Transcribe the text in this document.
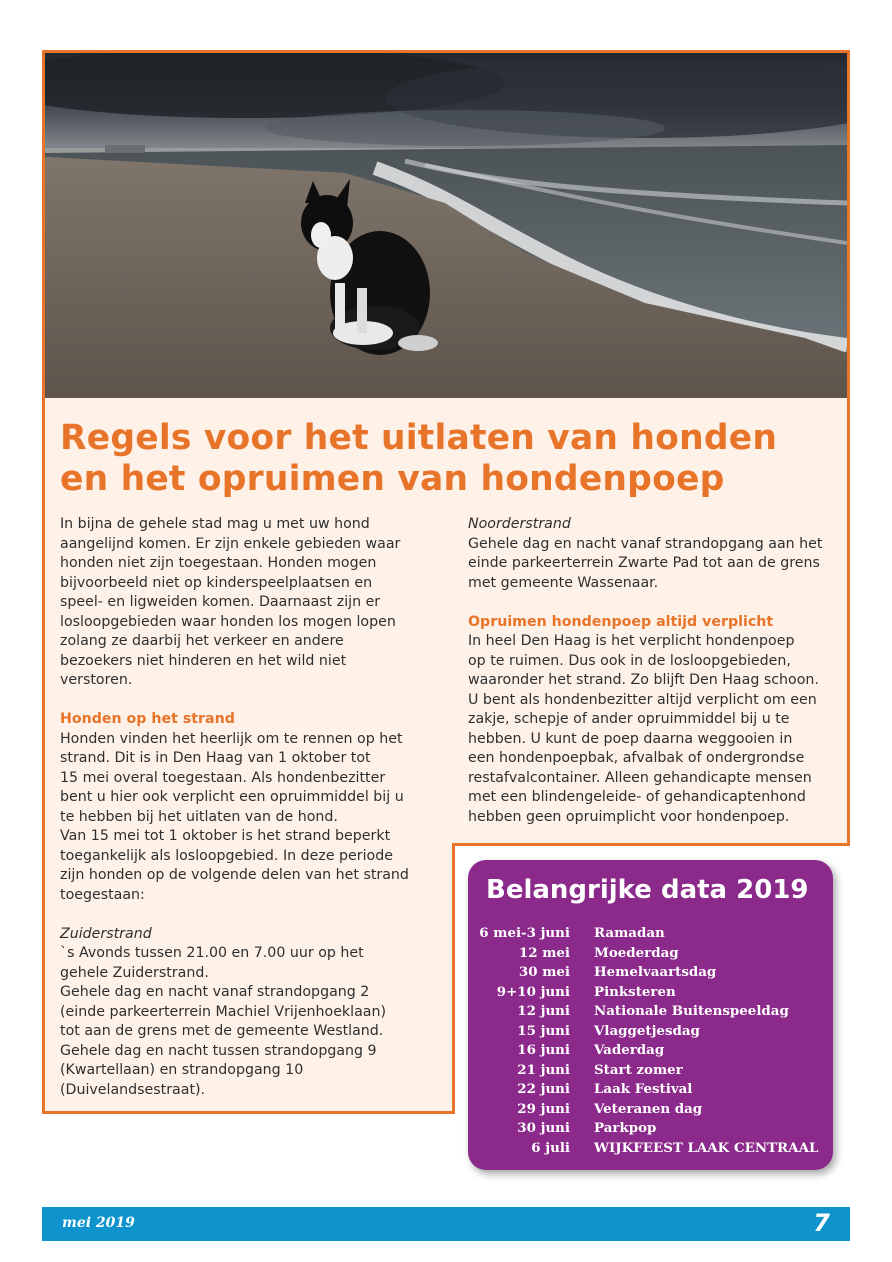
Regels voor het uitlaten van honden
en het opruimen van hondenpoep

In bijna de gehele stad mag u met uw hond

aangelijnd komen. Er zijn enkele gebieden waar

honden niet zijn toegestaan. Honden mogen

bijvoorbeeld niet op kinderspeelplaatsen en

speel- en ligweiden komen. Daarnaast zijn er

losloopgebieden waar honden los mogen lopen

zolang ze daarbij het verkeer en andere

bezoekers niet hinderen en het wild niet

verstoren.

Honden op het strand

Honden vinden het heerlijk om te rennen op het

strand. Dit is in Den Haag van 1 oktober tot

15 mei overal toegestaan. Als hondenbezitter

bent u hier ook verplicht een opruimmiddel bij u

te hebben bij het uitlaten van de hond.

Van 15 mei tot 1 oktober is het strand beperkt

toegankelijk als losloopgebied. In deze periode

zijn honden op de volgende delen van het strand

toegestaan:

Zuiderstrand

`s Avonds tussen 21.00 en 7.00 uur op het

gehele Zuiderstrand.

Gehele dag en nacht vanaf strandopgang 2

(einde parkeerterrein Machiel Vrijenhoeklaan)

tot aan de grens met de gemeente Westland.

Gehele dag en nacht tussen strandopgang 9

(Kwartellaan) en strandopgang 10

(Duivelandsestraat).

Noorderstrand

Gehele dag en nacht vanaf strandopgang aan het

einde parkeerterrein Zwarte Pad tot aan de grens

met gemeente Wassenaar.

Opruimen hondenpoep altijd verplicht

In heel Den Haag is het verplicht hondenpoep

op te ruimen. Dus ook in de losloopgebieden,

waaronder het strand. Zo blijft Den Haag schoon.

U bent als hondenbezitter altijd verplicht om een

zakje, schepje of ander opruimmiddel bij u te

hebben. U kunt de poep daarna weggooien in

een hondenpoepbak, afvalbak of ondergrondse

restafvalcontainer. Alleen gehandicapte mensen

met een blindengeleide- of gehandicaptenhond

hebben geen opruimplicht voor hondenpoep.

Belangrijke data 2019
6 mei-3 juni	Ramadan
12 mei	Moederdag
30 mei	Hemelvaartsdag
9+10 juni	Pinksteren
12 juni	Nationale Buitenspeeldag
15 juni	Vlaggetjesdag
16 juni	Vaderdag
21 juni	Start zomer
22 juni	Laak Festival
29 juni	Veteranen dag
30 juni	Parkpop
6 juli	WIJKFEEST LAAK CENTRAAL
mei 2019	7
